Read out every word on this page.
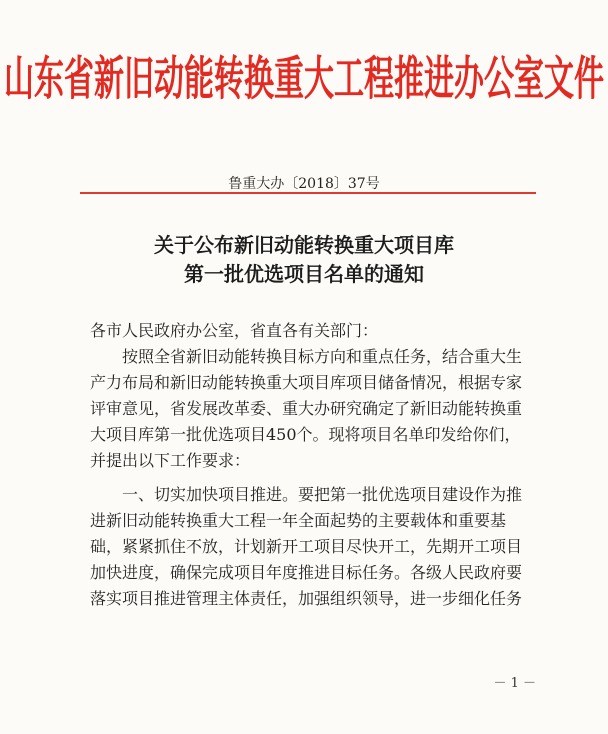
山东省新旧动能转换重大工程推进办公室文件
鲁重大办〔2018〕37号
关于公布新旧动能转换重大项目库
第一批优选项目名单的通知
各市人民政府办公室，省直各有关部门：
　　按照全省新旧动能转换目标方向和重点任务，结合重大生
产力布局和新旧动能转换重大项目库项目储备情况，根据专家
评审意见，省发展改革委、重大办研究确定了新旧动能转换重
大项目库第一批优选项目450个。现将项目名单印发给你们，
并提出以下工作要求：
　　一、切实加快项目推进。要把第一批优选项目建设作为推
进新旧动能转换重大工程一年全面起势的主要载体和重要基
础，紧紧抓住不放，计划新开工项目尽快开工，先期开工项目
加快进度，确保完成项目年度推进目标任务。各级人民政府要
落实项目推进管理主体责任，加强组织领导，进一步细化任务
－ 1 －
